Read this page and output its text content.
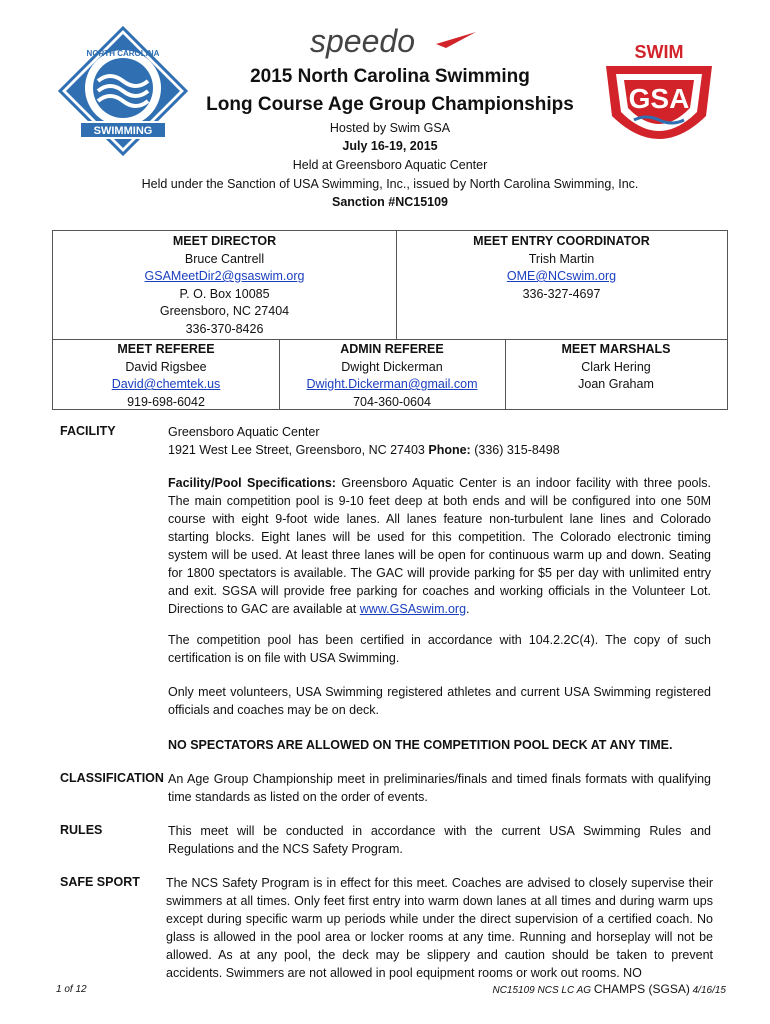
NORTH CAROLINA
SWIMMING
speedo	SWIM
GSA
2015 North Carolina Swimming
Long Course Age Group Championships
Hosted by Swim GSA
July 16-19, 2015
Held at Greensboro Aquatic Center
Held under the Sanction of USA Swimming, Inc., issued by North Carolina Swimming, Inc.
Sanction #NC15109
MEET DIRECTOR
Bruce Cantrell
GSAMeetDir2@gsaswim.org
P. O. Box 10085
Greensboro, NC 27404
336-370-8426
MEET ENTRY COORDINATOR
Trish Martin
OME@NCswim.org
336-327-4697
MEET REFEREE
David Rigsbee
David@chemtek.us
919-698-6042
ADMIN REFEREE
Dwight Dickerman
Dwight.Dickerman@gmail.com
704-360-0604
MEET MARSHALS
Clark Hering
Joan Graham
FACILITY	Greensboro Aquatic Center
1921 West Lee Street, Greensboro, NC 27403 Phone: (336) 315-8498
Facility/Pool Specifications: Greensboro Aquatic Center is an indoor facility with three pools. The main competition pool is 9-10 feet deep at both ends and will be configured into one 50M course with eight 9-foot wide lanes. All lanes feature non-turbulent lane lines and Colorado starting blocks. Eight lanes will be used for this competition. The Colorado electronic timing system will be used. At least three lanes will be open for continuous warm up and down. Seating for 1800 spectators is available. The GAC will provide parking for $5 per day with unlimited entry and exit. SGSA will provide free parking for coaches and working officials in the Volunteer Lot. Directions to GAC are available at www.GSAswim.org.
The competition pool has been certified in accordance with 104.2.2C(4). The copy of such certification is on file with USA Swimming.
Only meet volunteers, USA Swimming registered athletes and current USA Swimming registered officials and coaches may be on deck.
NO SPECTATORS ARE ALLOWED ON THE COMPETITION POOL DECK AT ANY TIME.
CLASSIFICATION An Age Group Championship meet in preliminaries/finals and timed finals formats with qualifying time standards as listed on the order of events.
RULES	This meet will be conducted in accordance with the current USA Swimming Rules and Regulations and the NCS Safety Program.
SAFE SPORT The NCS Safety Program is in effect for this meet. Coaches are advised to closely supervise their swimmers at all times. Only feet first entry into warm down lanes at all times and during warm ups except during specific warm up periods while under the direct supervision of a certified coach. No glass is allowed in the pool area or locker rooms at any time. Running and horseplay will not be allowed. As at any pool, the deck may be slippery and caution should be taken to prevent accidents. Swimmers are not allowed in pool equipment rooms or work out rooms. NO
1 of 12	NC15109 NCS LC AG CHAMPS (SGSA) 4/16/15
